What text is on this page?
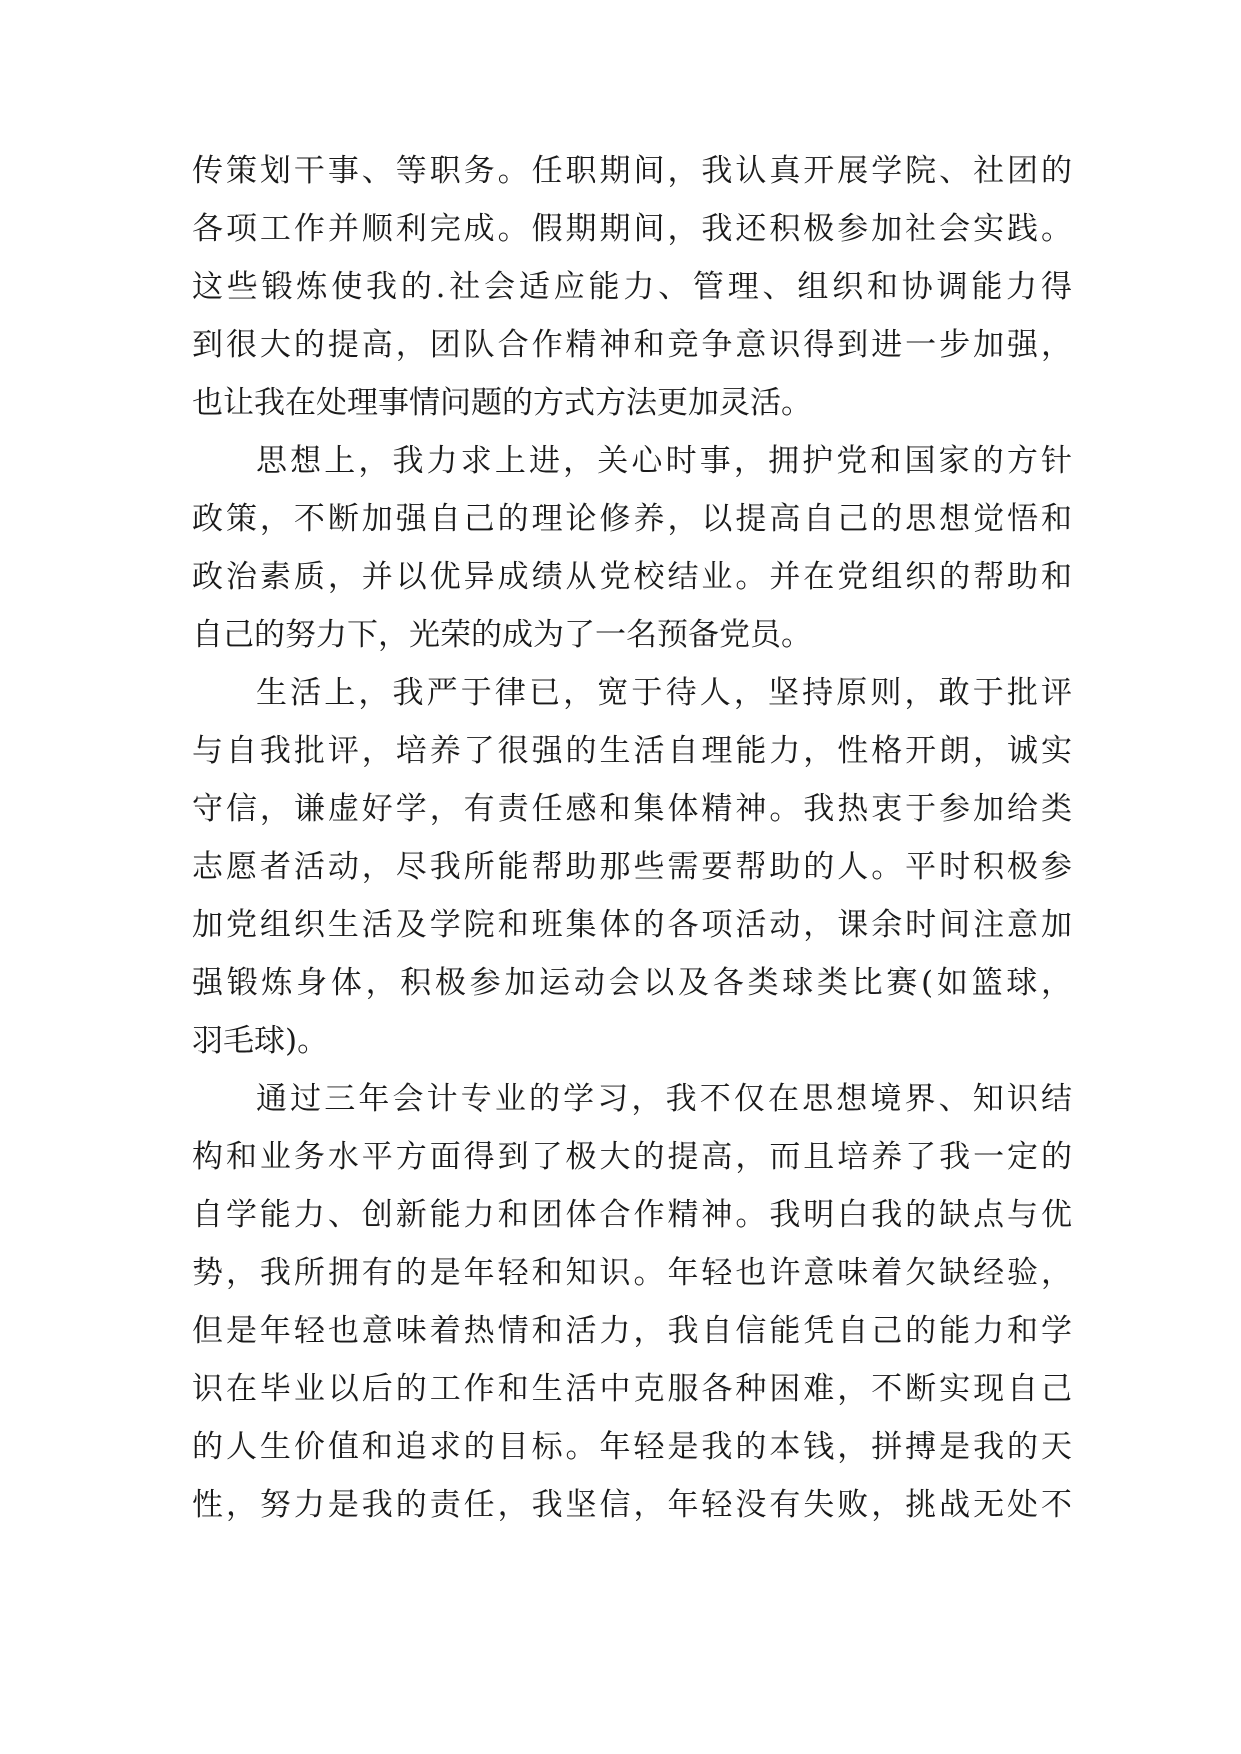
传策划干事、等职务。任职期间，我认真开展学院、社团的
各项工作并顺利完成。假期期间，我还积极参加社会实践。
这些锻炼使我的.社会适应能力、管理、组织和协调能力得
到很大的提高，团队合作精神和竞争意识得到进一步加强，
也让我在处理事情问题的方式方法更加灵活。
思想上，我力求上进，关心时事，拥护党和国家的方针
政策，不断加强自己的理论修养，以提高自己的思想觉悟和
政治素质，并以优异成绩从党校结业。并在党组织的帮助和
自己的努力下，光荣的成为了一名预备党员。
生活上，我严于律已，宽于待人，坚持原则，敢于批评
与自我批评，培养了很强的生活自理能力，性格开朗，诚实
守信，谦虚好学，有责任感和集体精神。我热衷于参加给类
志愿者活动，尽我所能帮助那些需要帮助的人。平时积极参
加党组织生活及学院和班集体的各项活动，课余时间注意加
强锻炼身体，积极参加运动会以及各类球类比赛(如篮球，
羽毛球)。
通过三年会计专业的学习，我不仅在思想境界、知识结
构和业务水平方面得到了极大的提高，而且培养了我一定的
自学能力、创新能力和团体合作精神。我明白我的缺点与优
势，我所拥有的是年轻和知识。年轻也许意味着欠缺经验，
但是年轻也意味着热情和活力，我自信能凭自己的能力和学
识在毕业以后的工作和生活中克服各种困难，不断实现自己
的人生价值和追求的目标。年轻是我的本钱，拼搏是我的天
性，努力是我的责任，我坚信，年轻没有失败，挑战无处不
